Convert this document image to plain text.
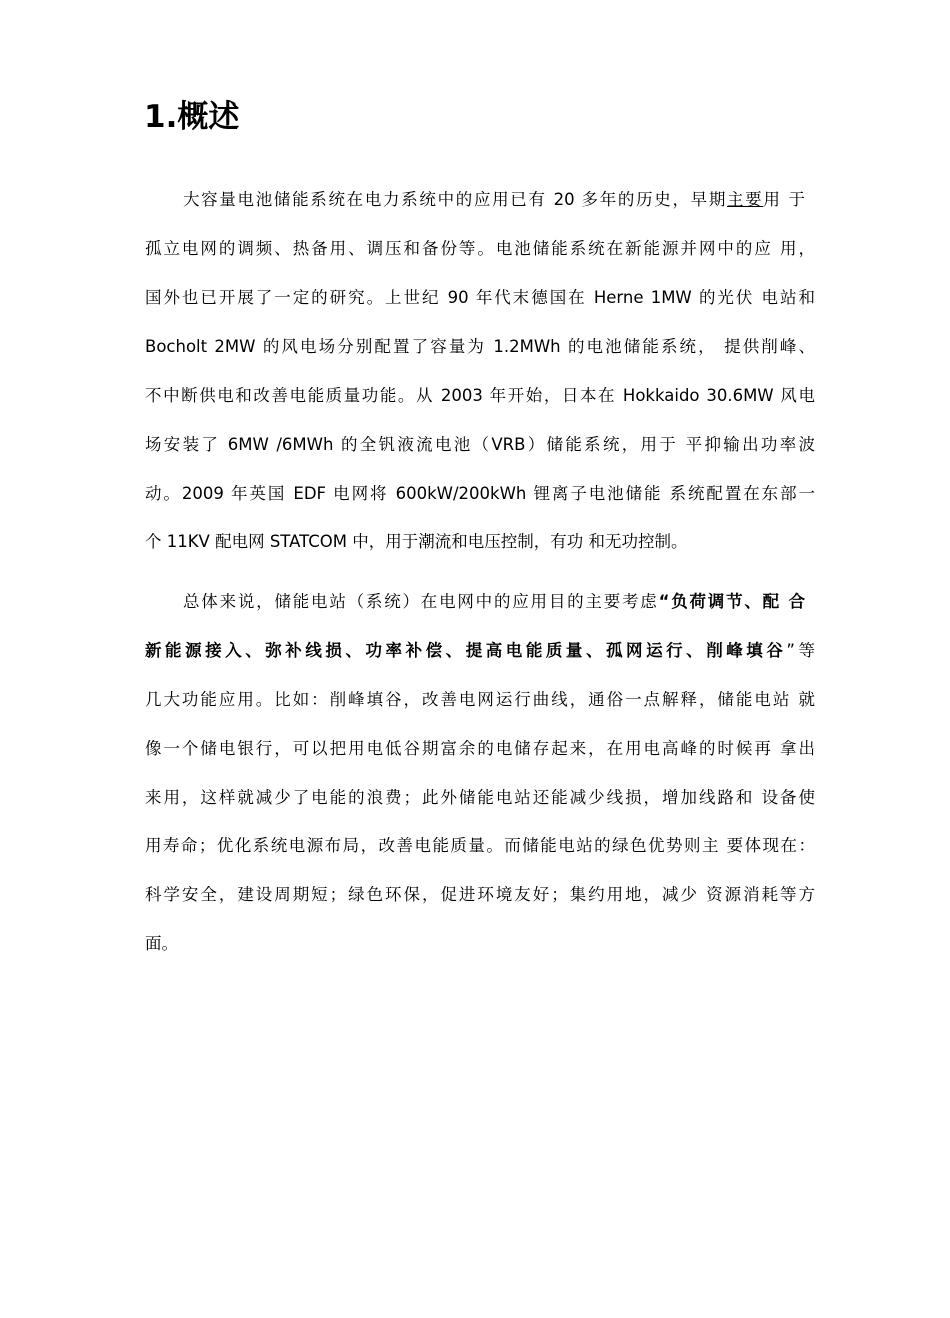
1.概述
大容量电池储能系统在电力系统中的应用已有 20 多年的历史，早期主要用 于
孤立电网的调频、热备用、调压和备份等。电池储能系统在新能源并网中的应 用，
国外也已开展了一定的研究。上世纪 90 年代末德国在 Herne 1MW 的光伏 电站和
Bocholt 2MW 的风电场分别配置了容量为 1.2MWh 的电池储能系统， 提供削峰、
不中断供电和改善电能质量功能。从 2003 年开始，日本在 Hokkaido 30.6MW 风电
场安装了 6MW /6MWh 的全钒液流电池（VRB）储能系统，用于 平抑输出功率波
动。2009 年英国 EDF 电网将 600kW/200kWh 锂离子电池储能 系统配置在东部一
个 11KV 配电网 STATCOM 中，用于潮流和电压控制，有功 和无功控制。
总体来说，储能电站（系统）在电网中的应用目的主要考虑“负荷调节、配 合
新能源接入、弥补线损、功率补偿、提高电能质量、孤网运行、削峰填谷”等
几大功能应用。比如：削峰填谷，改善电网运行曲线，通俗一点解释，储能电站 就
像一个储电银行，可以把用电低谷期富余的电储存起来，在用电高峰的时候再 拿出
来用，这样就减少了电能的浪费；此外储能电站还能减少线损，增加线路和 设备使
用寿命；优化系统电源布局，改善电能质量。而储能电站的绿色优势则主 要体现在：
科学安全，建设周期短；绿色环保，促进环境友好；集约用地，减少 资源消耗等方
面。
